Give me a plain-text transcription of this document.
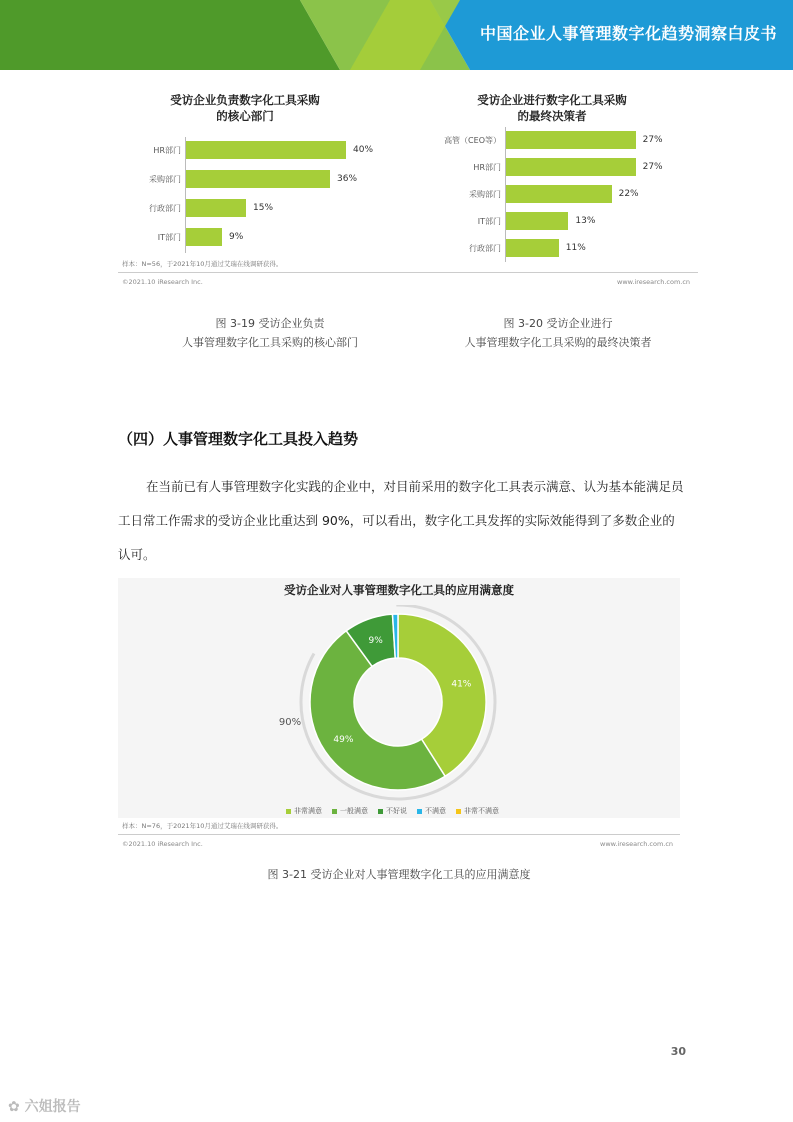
中国企业人事管理数字化趋势洞察白皮书
受访企业负责数字化工具采购
的核心部门
HR部门	40%
采购部门	36%
行政部门	15%
IT部门	9%
样本：N=56，于2021年10月通过艾瑞在线调研获得。
受访企业进行数字化工具采购
的最终决策者
高管（CEO等）	27%
HR部门	27%
采购部门	22%
IT部门	13%
行政部门	11%
©2021.10 iResearch Inc.	www.iresearch.com.cn
图 3-19 受访企业负责
人事管理数字化工具采购的核心部门
图 3-20 受访企业进行
人事管理数字化工具采购的最终决策者
（四）人事管理数字化工具投入趋势
在当前已有人事管理数字化实践的企业中，对目前采用的数字化工具表示满意、认为基本能满足员工日常工作需求的受访企业比重达到 90%，可以看出，数字化工具发挥的实际效能得到了多数企业的认可。
受访企业对人事管理数字化工具的应用满意度
41%
49%
9%
90%
非常满意	一般满意	不好说	不满意	非常不满意
样本：N=76，于2021年10月通过艾瑞在线调研获得。
©2021.10 iResearch Inc.	www.iresearch.com.cn
图 3-21 受访企业对人事管理数字化工具的应用满意度
30
✿ 六姐报告
